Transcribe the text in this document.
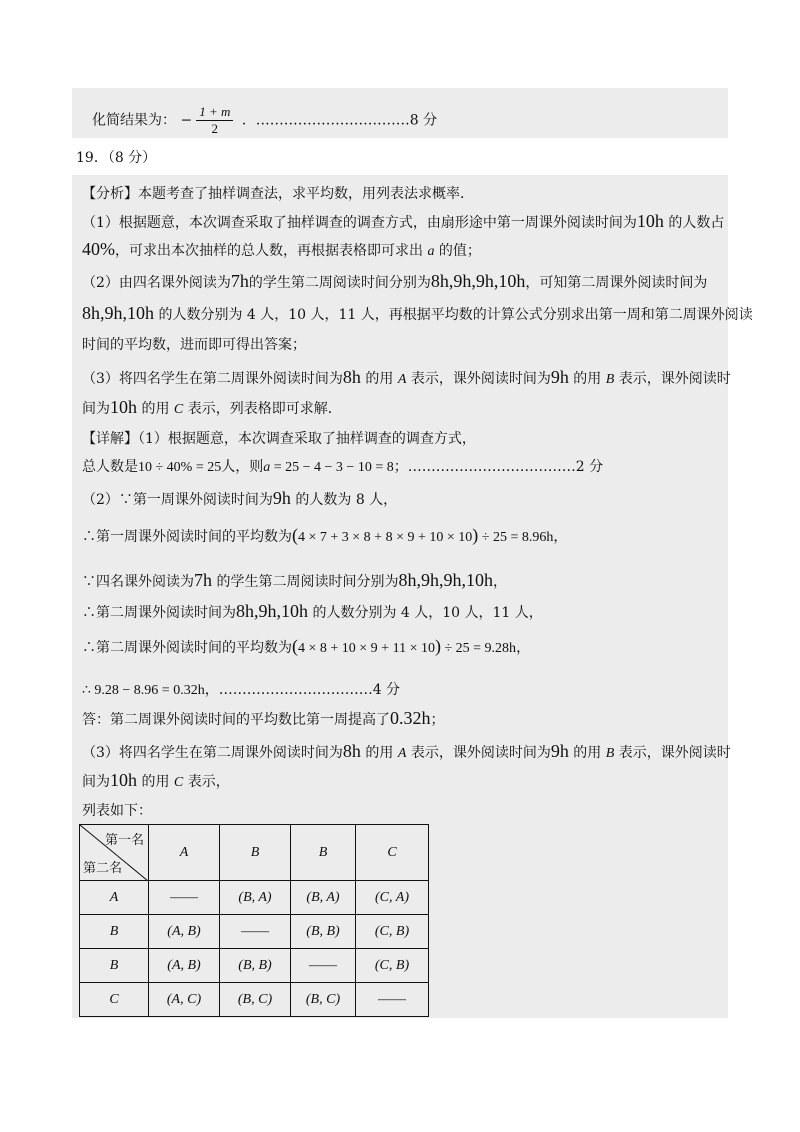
化简结果为： − $\frac{1 + m}{2}$ ．……………………………8 分
19．（8 分）
【分析】本题考查了抽样调查法，求平均数，用列表法求概率．
（1）根据题意，本次调查采取了抽样调查的调查方式，由扇形途中第一周课外阅读时间为10h 的人数占
40%，可求出本次抽样的总人数，再根据表格即可求出 a 的值；
（2）由四名课外阅读为7h的学生第二周阅读时间分别为8h,9h,9h,10h，可知第二周课外阅读时间为
8h,9h,10h 的人数分别为 4 人，10 人，11 人，再根据平均数的计算公式分别求出第一周和第二周课外阅读
时间的平均数，进而即可得出答案；
（3）将四名学生在第二周课外阅读时间为8h 的用 A 表示，课外阅读时间为9h 的用 B 表示，课外阅读时
间为10h 的用 C 表示，列表格即可求解．
【详解】（1）根据题意，本次调查采取了抽样调查的调查方式，
总人数是10 ÷ 40% = 25人，则a = 25 − 4 − 3 − 10 = 8；………………………………2 分
（2）∵第一周课外阅读时间为9h 的人数为 8 人，
∴第一周课外阅读时间的平均数为(4 × 7 + 3 × 8 + 8 × 9 + 10 × 10) ÷ 25 = 8.96h，
∵四名课外阅读为7h 的学生第二周阅读时间分别为8h,9h,9h,10h，
∴第二周课外阅读时间为8h,9h,10h 的人数分别为 4 人，10 人，11 人，
∴第二周课外阅读时间的平均数为(4 × 8 + 10 × 9 + 11 × 10) ÷ 25 = 9.28h，
∴ 9.28 − 8.96 = 0.32h，……………………………4 分
答：第二周课外阅读时间的平均数比第一周提高了0.32h；
（3）将四名学生在第二周课外阅读时间为8h 的用 A 表示，课外阅读时间为9h 的用 B 表示，课外阅读时
间为10h 的用 C 表示，
列表如下：
第一名
第二名	A	B	B	C
A	——	(B, A)	(B, A)	(C, A)
B	(A, B)	——	(B, B)	(C, B)
B	(A, B)	(B, B)	——	(C, B)
C	(A, C)	(B, C)	(B, C)	——
